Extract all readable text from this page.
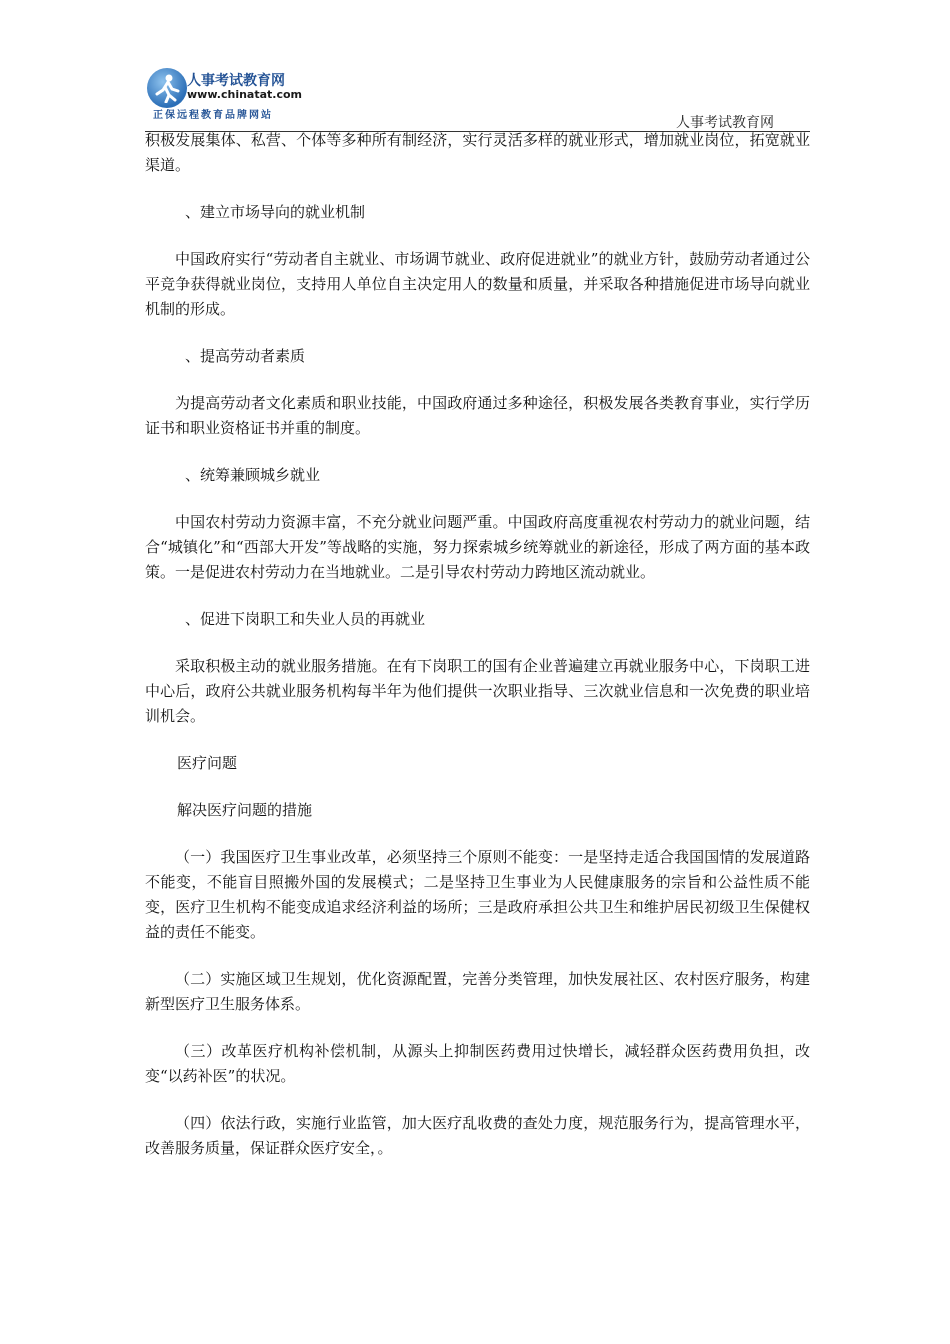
人事考试教育网
www.chinatat.com
正保远程教育品牌网站	人事考试教育网

积极发展集体、私营、个体等多种所有制经济，实行灵活多样的就业形式，增加就业岗位，拓宽就业渠道。

、建立市场导向的就业机制

中国政府实行“劳动者自主就业、市场调节就业、政府促进就业”的就业方针，鼓励劳动者通过公平竞争获得就业岗位，支持用人单位自主决定用人的数量和质量，并采取各种措施促进市场导向就业机制的形成。

、提高劳动者素质

为提高劳动者文化素质和职业技能，中国政府通过多种途径，积极发展各类教育事业，实行学历证书和职业资格证书并重的制度。

、统筹兼顾城乡就业

中国农村劳动力资源丰富，不充分就业问题严重。中国政府高度重视农村劳动力的就业问题，结合“城镇化”和“西部大开发”等战略的实施，努力探索城乡统筹就业的新途径，形成了两方面的基本政策。一是促进农村劳动力在当地就业。二是引导农村劳动力跨地区流动就业。

、促进下岗职工和失业人员的再就业

采取积极主动的就业服务措施。在有下岗职工的国有企业普遍建立再就业服务中心，下岗职工进中心后，政府公共就业服务机构每半年为他们提供一次职业指导、三次就业信息和一次免费的职业培训机会。

医疗问题

解决医疗问题的措施

（一）我国医疗卫生事业改革，必须坚持三个原则不能变：一是坚持走适合我国国情的发展道路不能变，不能盲目照搬外国的发展模式；二是坚持卫生事业为人民健康服务的宗旨和公益性质不能变，医疗卫生机构不能变成追求经济利益的场所；三是政府承担公共卫生和维护居民初级卫生保健权益的责任不能变。

（二）实施区域卫生规划，优化资源配置，完善分类管理，加快发展社区、农村医疗服务，构建新型医疗卫生服务体系。

（三）改革医疗机构补偿机制，从源头上抑制医药费用过快增长，减轻群众医药费用负担，改变“以药补医”的状况。

（四）依法行政，实施行业监管，加大医疗乱收费的查处力度，规范服务行为，提高管理水平，改善服务质量，保证群众医疗安全，。
